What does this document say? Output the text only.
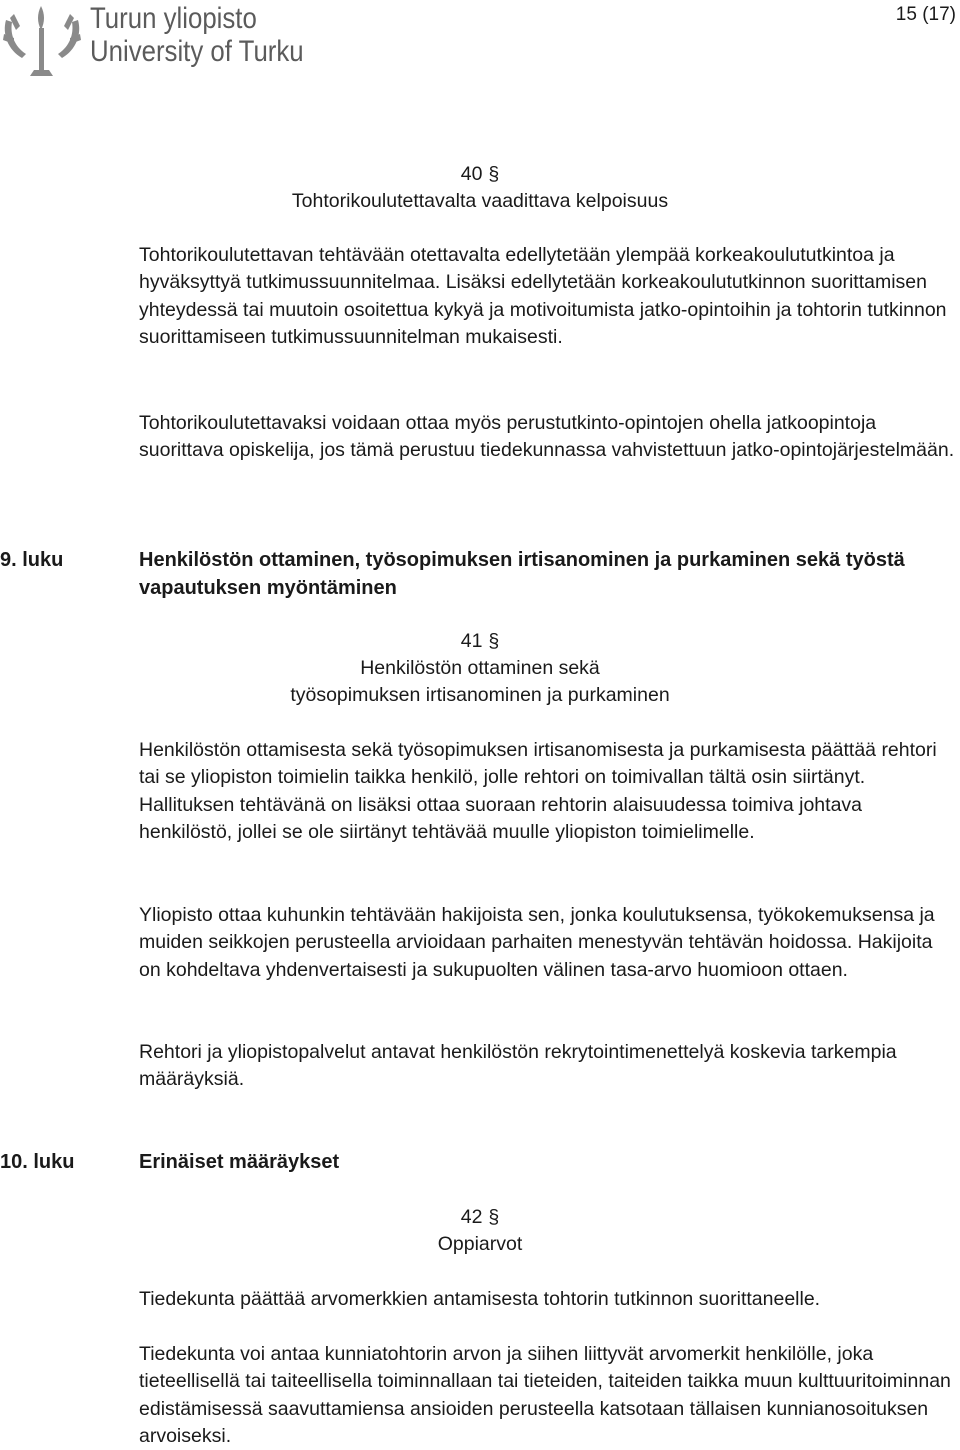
Turun yliopisto
University of Turku
15 (17)

40 §

Tohtorikoulutettavalta vaadittava kelpoisuus

Tohtorikoulutettavan tehtävään otettavalta edellytetään ylempää korkeakoulututkintoa ja hyväksyttyä tutkimussuunnitelmaa. Lisäksi edellytetään korkeakoulututkinnon suorittamisen yhteydessä tai muutoin osoitettua kykyä ja motivoitumista jatko-opintoihin ja tohtorin tutkinnon suorittamiseen tutkimussuunnitelman mukaisesti.

Tohtorikoulutettavaksi voidaan ottaa myös perustutkinto-opintojen ohella jatkoopintoja suorittava opiskelija, jos tämä perustuu tiedekunnassa vahvistettuun jatko-opintojärjestelmään.

9. luku	Henkilöstön ottaminen, työsopimuksen irtisanominen ja purkaminen sekä työstä vapautuksen myöntäminen

41 §

Henkilöstön ottaminen sekä

työsopimuksen irtisanominen ja purkaminen

Henkilöstön ottamisesta sekä työsopimuksen irtisanomisesta ja purkamisesta päättää rehtori tai se yliopiston toimielin taikka henkilö, jolle rehtori on toimivallan tältä osin siirtänyt. Hallituksen tehtävänä on lisäksi ottaa suoraan rehtorin alaisuudessa toimiva johtava henkilöstö, jollei se ole siirtänyt tehtävää muulle yliopiston toimielimelle.

Yliopisto ottaa kuhunkin tehtävään hakijoista sen, jonka koulutuksensa, työkokemuksensa ja muiden seikkojen perusteella arvioidaan parhaiten menestyvän tehtävän hoidossa. Hakijoita on kohdeltava yhdenvertaisesti ja sukupuolten välinen tasa-arvo huomioon ottaen.

Rehtori ja yliopistopalvelut antavat henkilöstön rekrytointimenettelyä koskevia tarkempia määräyksiä.

10. luku	Erinäiset määräykset

42 §

Oppiarvot

Tiedekunta päättää arvomerkkien antamisesta tohtorin tutkinnon suorittaneelle.

Tiedekunta voi antaa kunniatohtorin arvon ja siihen liittyvät arvomerkit henkilölle, joka tieteellisellä tai taiteellisella toiminnallaan tai tieteiden, taiteiden taikka muun kulttuuritoiminnan edistämisessä saavuttamiensa ansioiden perusteella katsotaan tällaisen kunnianosoituksen arvoiseksi.
